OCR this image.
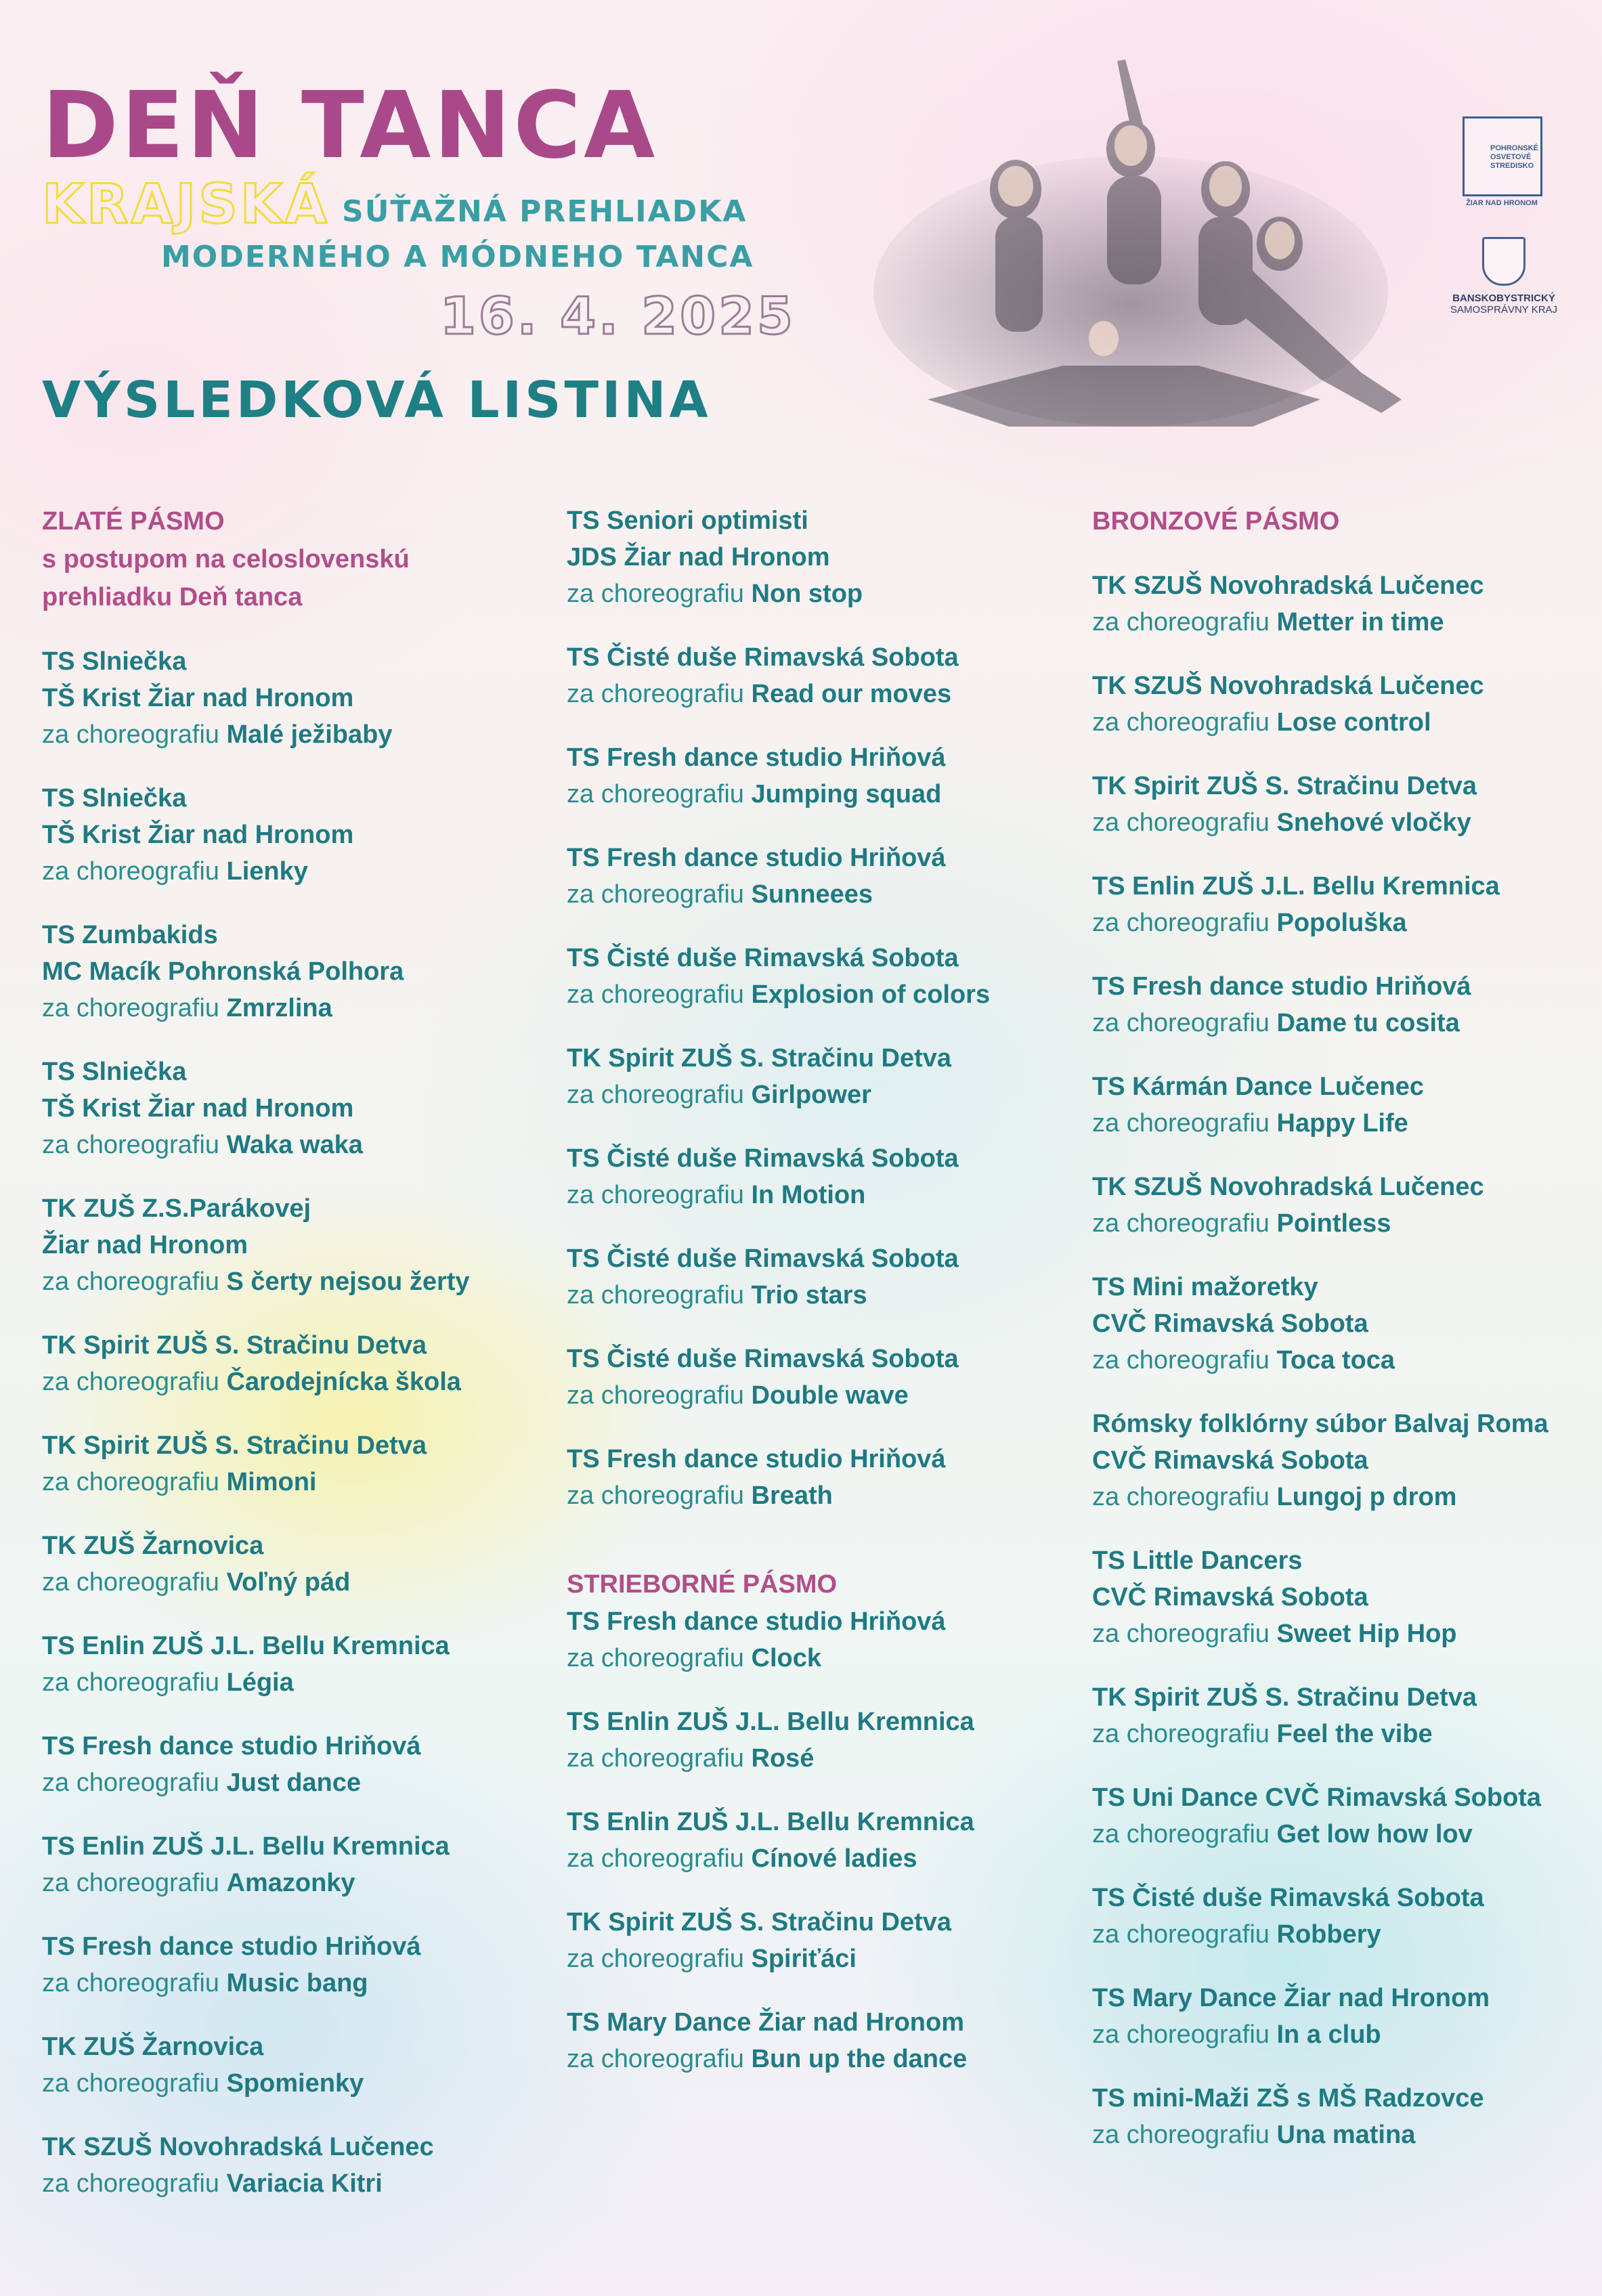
DEŇ TANCA
KRAJSKÁ SÚŤAŽNÁ PREHLIADKA
MODERNÉHO A MÓDNEHO TANCA
16. 4. 2025
VÝSLEDKOVÁ LISTINA
POHRONSKÉ OSVETOVÉ STREDISKO
ŽIAR NAD HRONOM
BANSKOBYSTRICKÝ
SAMOSPRÁVNY KRAJ
ZLATÉ PÁSMO
s postupom na celoslovenskú
prehliadku Deň tanca
TS Slniečka
TŠ Krist Žiar nad Hronom
za choreografiu Malé ježibaby
TS Slniečka
TŠ Krist Žiar nad Hronom
za choreografiu Lienky
TS Zumbakids
MC Macík Pohronská Polhora
za choreografiu Zmrzlina
TS Slniečka
TŠ Krist Žiar nad Hronom
za choreografiu Waka waka
TK ZUŠ Z.S.Parákovej
Žiar nad Hronom
za choreografiu S čerty nejsou žerty
TK Spirit ZUŠ S. Stračinu Detva
za choreografiu Čarodejnícka škola
TK Spirit ZUŠ S. Stračinu Detva
za choreografiu Mimoni
TK ZUŠ Žarnovica
za choreografiu Voľný pád
TS Enlin ZUŠ J.L. Bellu Kremnica
za choreografiu Légia
TS Fresh dance studio Hriňová
za choreografiu Just dance
TS Enlin ZUŠ J.L. Bellu Kremnica
za choreografiu Amazonky
TS Fresh dance studio Hriňová
za choreografiu Music bang
TK ZUŠ Žarnovica
za choreografiu Spomienky
TK SZUŠ Novohradská Lučenec
za choreografiu Variacia Kitri
TS Seniori optimisti
JDS Žiar nad Hronom
za choreografiu Non stop
TS Čisté duše Rimavská Sobota
za choreografiu Read our moves
TS Fresh dance studio Hriňová
za choreografiu Jumping squad
TS Fresh dance studio Hriňová
za choreografiu Sunneees
TS Čisté duše Rimavská Sobota
za choreografiu Explosion of colors
TK Spirit ZUŠ S. Stračinu Detva
za choreografiu Girlpower
TS Čisté duše Rimavská Sobota
za choreografiu In Motion
TS Čisté duše Rimavská Sobota
za choreografiu Trio stars
TS Čisté duše Rimavská Sobota
za choreografiu Double wave
TS Fresh dance studio Hriňová
za choreografiu Breath
STRIEBORNÉ PÁSMO
TS Fresh dance studio Hriňová
za choreografiu Clock
TS Enlin ZUŠ J.L. Bellu Kremnica
za choreografiu Rosé
TS Enlin ZUŠ J.L. Bellu Kremnica
za choreografiu Cínové ladies
TK Spirit ZUŠ S. Stračinu Detva
za choreografiu Spiriťáci
TS Mary Dance Žiar nad Hronom
za choreografiu Bun up the dance
BRONZOVÉ PÁSMO
TK SZUŠ Novohradská Lučenec
za choreografiu Metter in time
TK SZUŠ Novohradská Lučenec
za choreografiu Lose control
TK Spirit ZUŠ S. Stračinu Detva
za choreografiu Snehové vločky
TS Enlin ZUŠ J.L. Bellu Kremnica
za choreografiu Popoluška
TS Fresh dance studio Hriňová
za choreografiu Dame tu cosita
TS Kármán Dance Lučenec
za choreografiu Happy Life
TK SZUŠ Novohradská Lučenec
za choreografiu Pointless
TS Mini mažoretky
CVČ Rimavská Sobota
za choreografiu Toca toca
Rómsky folklórny súbor Balvaj Roma
CVČ Rimavská Sobota
za choreografiu Lungoj p drom
TS Little Dancers
CVČ Rimavská Sobota
za choreografiu Sweet Hip Hop
TK Spirit ZUŠ S. Stračinu Detva
za choreografiu Feel the vibe
TS Uni Dance CVČ Rimavská Sobota
za choreografiu Get low how lov
TS Čisté duše Rimavská Sobota
za choreografiu Robbery
TS Mary Dance Žiar nad Hronom
za choreografiu In a club
TS mini-Maži ZŠ s MŠ Radzovce
za choreografiu Una matina
